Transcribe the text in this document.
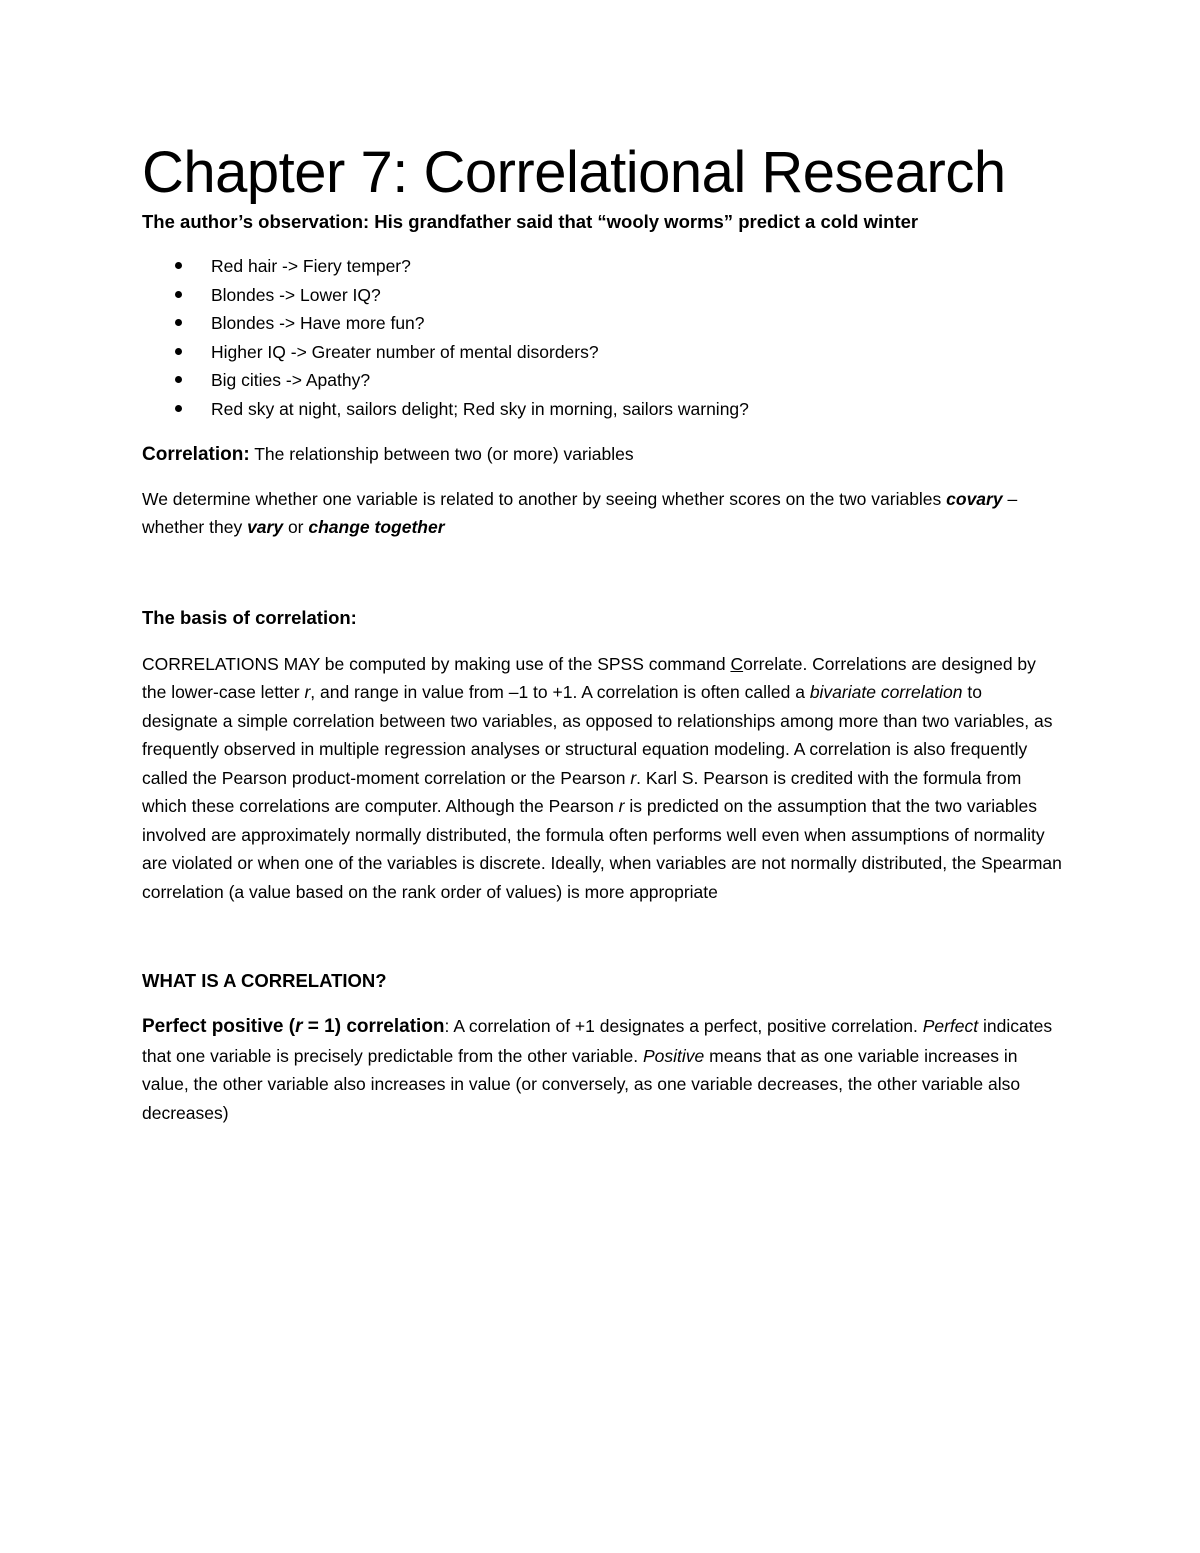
Chapter 7: Correlational Research
The author’s observation: His grandfather said that “wooly worms” predict a cold winter
Red hair -> Fiery temper?
Blondes -> Lower IQ?
Blondes -> Have more fun?
Higher IQ -> Greater number of mental disorders?
Big cities -> Apathy?
Red sky at night, sailors delight; Red sky in morning, sailors warning?

Correlation: The relationship between two (or more) variables

We determine whether one variable is related to another by seeing whether scores on the two variables covary – whether they vary or change together

The basis of correlation:

CORRELATIONS MAY be computed by making use of the SPSS command Correlate. Correlations are designed by the lower-case letter r, and range in value from –1 to +1. A correlation is often called a bivariate correlation to designate a simple correlation between two variables, as opposed to relationships among more than two variables, as frequently observed in multiple regression analyses or structural equation modeling. A correlation is also frequently called the Pearson product-moment correlation or the Pearson r. Karl S. Pearson is credited with the formula from which these correlations are computer. Although the Pearson r is predicted on the assumption that the two variables involved are approximately normally distributed, the formula often performs well even when assumptions of normality are violated or when one of the variables is discrete. Ideally, when variables are not normally distributed, the Spearman correlation (a value based on the rank order of values) is more appropriate

WHAT IS A CORRELATION?

Perfect positive (r = 1) correlation: A correlation of +1 designates a perfect, positive correlation. Perfect indicates that one variable is precisely predictable from the other variable. Positive means that as one variable increases in value, the other variable also increases in value (or conversely, as one variable decreases, the other variable also decreases)
